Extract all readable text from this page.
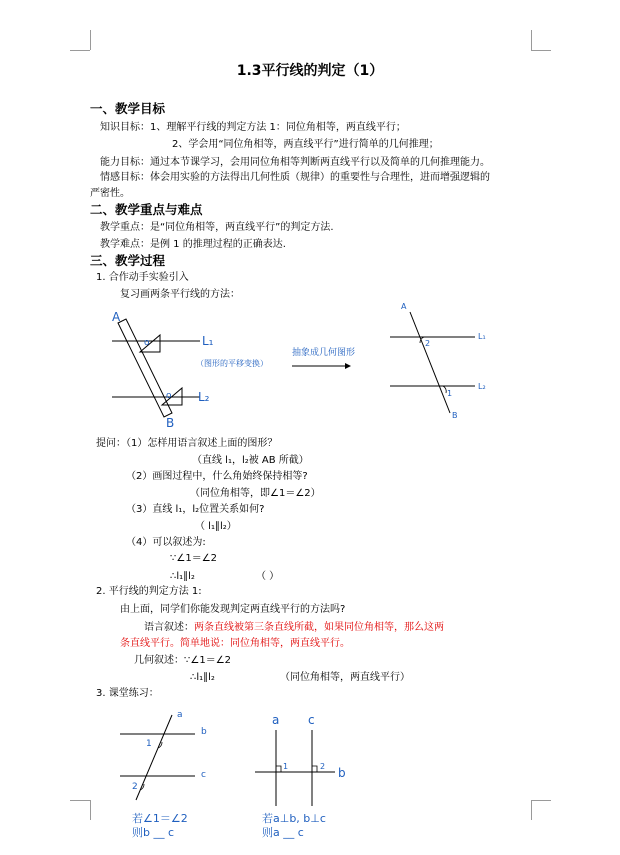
1.3平行线的判定（1）
一、教学目标
知识目标：1、理解平行线的判定方法 1：同位角相等，两直线平行；
2、学会用“同位角相等，两直线平行”进行简单的几何推理；
能力目标：通过本节课学习，会用同位角相等判断两直线平行以及简单的几何推理能力。
情感目标：体会用实验的方法得出几何性质（规律）的重要性与合理性，进而增强逻辑的
严密性。
二、教学重点与难点
教学重点：是“同位角相等，两直线平行”的判定方法.
教学难点：是例 1 的推理过程的正确表达.
三、教学过程
1. 合作动手实验引入
复习画两条平行线的方法：
A
B
L₁
L₂
o
o
（图形的平移变换）
抽象成几何图形
A
B
L₁
L₂
2
1
提问：（1）怎样用语言叙述上面的图形？
（直线 l₁，l₂被 AB 所截）
（2）画图过程中，什么角始终保持相等?
（同位角相等，即∠1＝∠2）
（3）直线 l₁，l₂位置关系如何?
（ l₁∥l₂）
（4）可以叙述为:
∵∠1＝∠2
∴l₁∥l₂	（ ）
2. 平行线的判定方法 1:
由上面，同学们你能发现判定两直线平行的方法吗?
语言叙述： 两条直线被第三条直线所截，如果同位角相等，那么这两
条直线平行。简单地说：同位角相等，两直线平行。
几何叙述：∵∠1＝∠2
∴l₁∥l₂	（同位角相等，两直线平行）
3. 课堂练习：
a
b
c
1
2
若∠1＝∠2
则b __ c
a c
b
1	2
若a⊥b, b⊥c
则a __ c
